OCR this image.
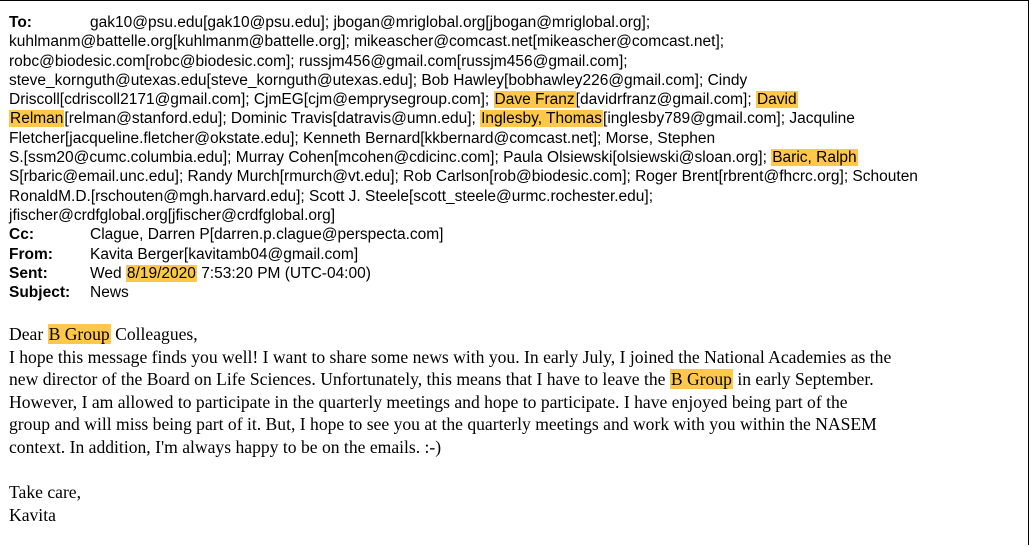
To:	gak10@psu.edu[gak10@psu.edu]; jbogan@mriglobal.org[jbogan@mriglobal.org];
kuhlmanm@battelle.org[kuhlmanm@battelle.org]; mikeascher@comcast.net[mikeascher@comcast.net];
robc@biodesic.com[robc@biodesic.com]; russjm456@gmail.com[russjm456@gmail.com];
steve_kornguth@utexas.edu[steve_kornguth@utexas.edu]; Bob Hawley[bobhawley226@gmail.com]; Cindy
Driscoll[cdriscoll2171@gmail.com]; CjmEG[cjm@emprysegroup.com]; Dave Franz[davidrfranz@gmail.com]; David
Relman[relman@stanford.edu]; Dominic Travis[datravis@umn.edu]; Inglesby, Thomas[inglesby789@gmail.com]; Jacquline
Fletcher[jacqueline.fletcher@okstate.edu]; Kenneth Bernard[kkbernard@comcast.net]; Morse, Stephen
S.[ssm20@cumc.columbia.edu]; Murray Cohen[mcohen@cdicinc.com]; Paula Olsiewski[olsiewski@sloan.org]; Baric, Ralph
S[rbaric@email.unc.edu]; Randy Murch[rmurch@vt.edu]; Rob Carlson[rob@biodesic.com]; Roger Brent[rbrent@fhcrc.org]; Schouten
RonaldM.D.[rschouten@mgh.harvard.edu]; Scott J. Steele[scott_steele@urmc.rochester.edu];
jfischer@crdfglobal.org[jfischer@crdfglobal.org]
Cc:	Clague, Darren P[darren.p.clague@perspecta.com]
From:	Kavita Berger[kavitamb04@gmail.com]
Sent:	Wed 8/19/2020 7:53:20 PM (UTC-04:00)
Subject:	News

Dear B Group Colleagues,

I hope this message finds you well! I want to share some news with you. In early July, I joined the National Academies as the
new director of the Board on Life Sciences. Unfortunately, this means that I have to leave the B Group in early September.
However, I am allowed to participate in the quarterly meetings and hope to participate. I have enjoyed being part of the
group and will miss being part of it. But, I hope to see you at the quarterly meetings and work with you within the NASEM
context. In addition, I'm always happy to be on the emails. :-)

Take care,

Kavita
